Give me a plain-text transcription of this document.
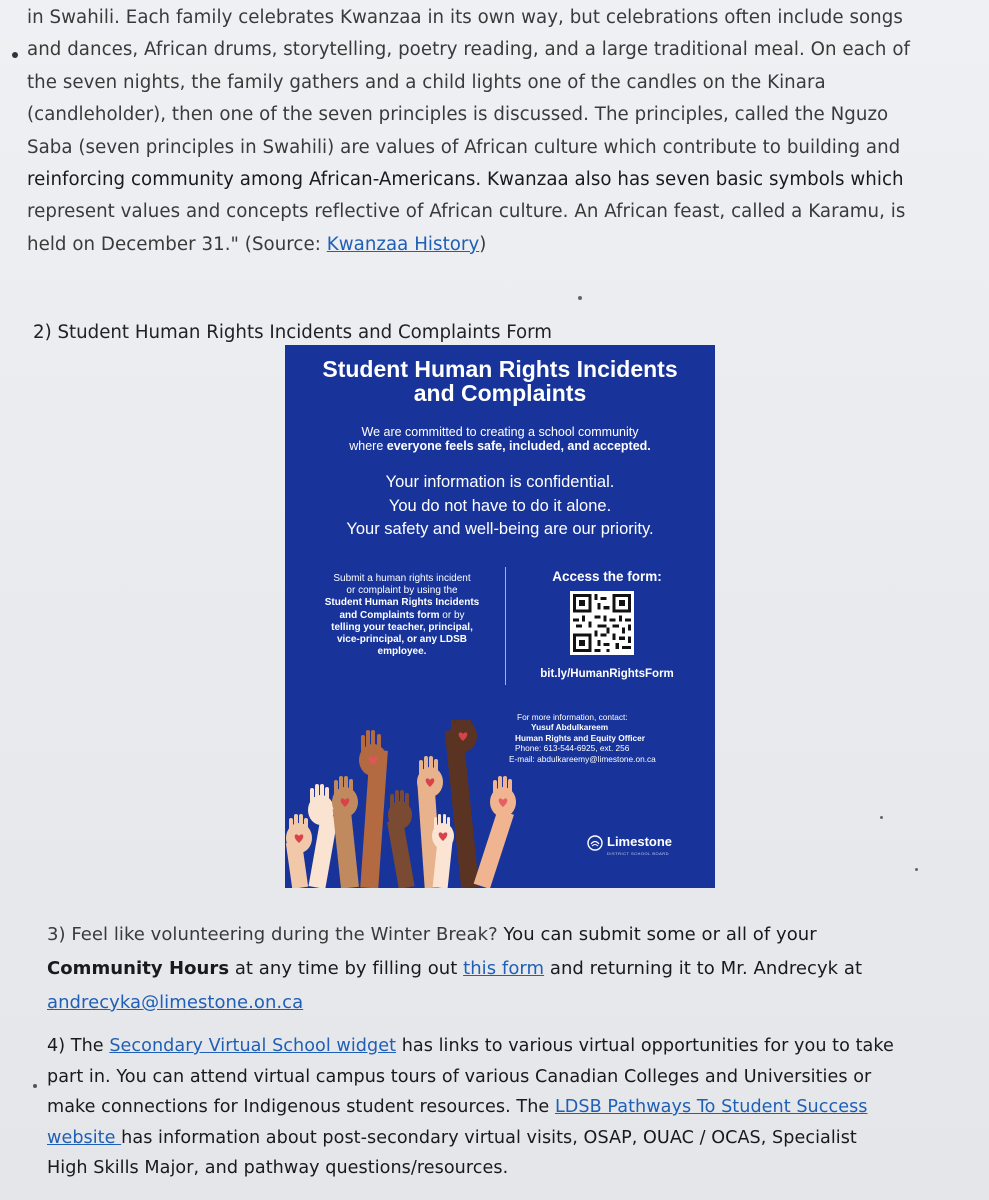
in Swahili. Each family celebrates Kwanzaa in its own way, but celebrations often include songs
and dances, African drums, storytelling, poetry reading, and a large traditional meal. On each of
the seven nights, the family gathers and a child lights one of the candles on the Kinara
(candleholder), then one of the seven principles is discussed. The principles, called the Nguzo
Saba (seven principles in Swahili) are values of African culture which contribute to building and
reinforcing community among African-Americans. Kwanzaa also has seven basic symbols which
represent values and concepts reflective of African culture. An African feast, called a Karamu, is
held on December 31." (Source: Kwanzaa History)
2) Student Human Rights Incidents and Complaints Form
Student Human Rights Incidents
and Complaints
We are committed to creating a school community
where everyone feels safe, included, and accepted.
Your information is confidential.
You do not have to do it alone.
Your safety and well-being are our priority.
Submit a human rights incident
or complaint by using the
Student Human Rights Incidents
and Complaints form or by
telling your teacher, principal,
vice-principal, or any LDSB
employee.
Access the form:
bit.ly/HumanRightsForm
For more information, contact:
Yusuf Abdulkareem
Human Rights and Equity Officer
Phone: 613-544-6925, ext. 256
E-mail: abdulkareemy@limestone.on.ca
Limestone
DISTRICT SCHOOL BOARD
3) Feel like volunteering during the Winter Break? You can submit some or all of your
Community Hours at any time by filling out this form and returning it to Mr. Andrecyk at
andrecyka@limestone.on.ca
4) The Secondary Virtual School widget has links to various virtual opportunities for you to take
part in. You can attend virtual campus tours of various Canadian Colleges and Universities or
make connections for Indigenous student resources. The LDSB Pathways To Student Success
website has information about post-secondary virtual visits, OSAP, OUAC / OCAS, Specialist
High Skills Major, and pathway questions/resources.
